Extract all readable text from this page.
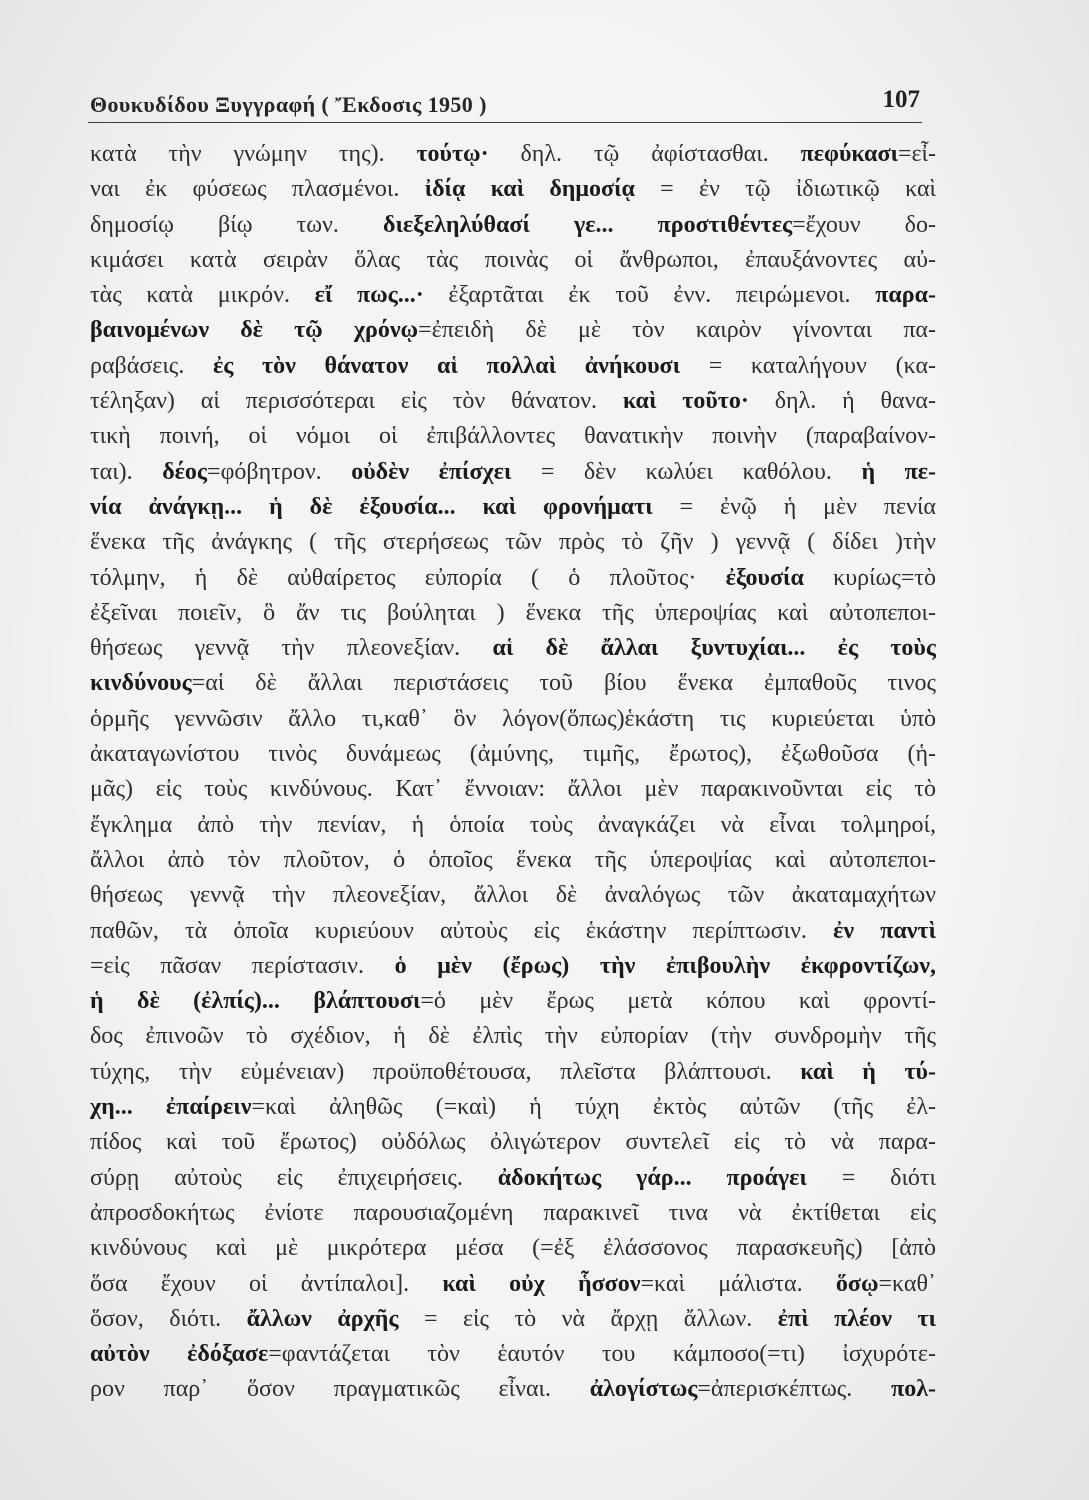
Θουκυδίδου Ξυγγραφή ( Ἔκδοσις 1950 )	107
κατὰ τὴν γνώμην της). τούτῳ· δηλ. τῷ ἀφίστασθαι. πεφύκασι=εἶ-
ναι ἐκ φύσεως πλασμένοι. ἰδίᾳ καὶ δημοσίᾳ = ἐν τῷ ἰδιωτικῷ καὶ
δημοσίῳ βίῳ των. διεξεληλύθασί γε... προστιθέντες=ἔχουν δο-
κιμάσει κατὰ σειρὰν ὅλας τὰς ποινὰς οἱ ἄνθρωποι, ἐπαυξάνοντες αὐ-
τὰς κατὰ μικρόν. εἴ πως...· ἐξαρτᾶται ἐκ τοῦ ἐνν. πειρώμενοι. παρα-
βαινομένων δὲ τῷ χρόνῳ=ἐπειδὴ δὲ μὲ τὸν καιρὸν γίνονται πα-
ραβάσεις. ἐς τὸν θάνατον αἱ πολλαὶ ἀνήκουσι = καταλήγουν (κα-
τέληξαν) αἱ περισσότεραι εἰς τὸν θάνατον. καὶ τοῦτο· δηλ. ἡ θανα-
τικὴ ποινή, οἱ νόμοι οἱ ἐπιβάλλοντες θανατικὴν ποινὴν (παραβαίνον-
ται). δέος=φόβητρον. οὐδὲν ἐπίσχει = δὲν κωλύει καθόλου. ἡ πε-
νία ἀνάγκῃ... ἡ δὲ ἐξουσία... καὶ φρονήματι = ἐνῷ ἡ μὲν πενία
ἕνεκα τῆς ἀνάγκης ( τῆς στερήσεως τῶν πρὸς τὸ ζῆν ) γεννᾷ ( δίδει )τὴν
τόλμην, ἡ δὲ αὐθαίρετος εὐπορία ( ὁ πλοῦτος· ἐξουσία κυρίως=τὸ
ἐξεῖναι ποιεῖν, ὃ ἄν τις βούληται ) ἕνεκα τῆς ὑπεροψίας καὶ αὐτοπεποι-
θήσεως γεννᾷ τὴν πλεονεξίαν. αἱ δὲ ἄλλαι ξυντυχίαι... ἐς τοὺς
κινδύνους=αἱ δὲ ἄλλαι περιστάσεις τοῦ βίου ἕνεκα ἐμπαθοῦς τινος
ὁρμῆς γεννῶσιν ἄλλο τι,καθ᾿ ὃν λόγον(ὅπως)ἑκάστη τις κυριεύεται ὑπὸ
ἀκαταγωνίστου τινὸς δυνάμεως (ἀμύνης, τιμῆς, ἔρωτος), ἐξωθοῦσα (ἡ-
μᾶς) εἰς τοὺς κινδύνους. Κατ᾿ ἔννοιαν: ἄλλοι μὲν παρακινοῦνται εἰς τὸ
ἔγκλημα ἀπὸ τὴν πενίαν, ἡ ὁποία τοὺς ἀναγκάζει νὰ εἶναι τολμηροί,
ἄλλοι ἀπὸ τὸν πλοῦτον, ὁ ὁποῖος ἕνεκα τῆς ὑπεροψίας καὶ αὐτοπεποι-
θήσεως γεννᾷ τὴν πλεονεξίαν, ἄλλοι δὲ ἀναλόγως τῶν ἀκαταμαχήτων
παθῶν, τὰ ὁποῖα κυριεύουν αὐτοὺς εἰς ἑκάστην περίπτωσιν. ἐν παντὶ
=εἰς πᾶσαν περίστασιν. ὁ μὲν (ἔρως) τὴν ἐπιβουλὴν ἐκφροντίζων,
ἡ δὲ (ἐλπίς)... βλάπτουσι=ὁ μὲν ἔρως μετὰ κόπου καὶ φροντί-
δος ἐπινοῶν τὸ σχέδιον, ἡ δὲ ἐλπὶς τὴν εὐπορίαν (τὴν συνδρομὴν τῆς
τύχης, τὴν εὐμένειαν) προϋποθέτουσα, πλεῖστα βλάπτουσι. καὶ ἡ τύ-
χη... ἐπαίρειν=καὶ ἀληθῶς (=καὶ) ἡ τύχη ἐκτὸς αὐτῶν (τῆς ἐλ-
πίδος καὶ τοῦ ἔρωτος) οὐδόλως ὀλιγώτερον συντελεῖ εἰς τὸ νὰ παρα-
σύρῃ αὐτοὺς εἰς ἐπιχειρήσεις. ἀδοκήτως γάρ... προάγει = διότι
ἀπροσδοκήτως ἐνίοτε παρουσιαζομένη παρακινεῖ τινα νὰ ἐκτίθεται εἰς
κινδύνους καὶ μὲ μικρότερα μέσα (=ἐξ ἐλάσσονος παρασκευῆς) [ἀπὸ
ὅσα ἔχουν οἱ ἀντίπαλοι]. καὶ οὐχ ἧσσον=καὶ μάλιστα. ὅσῳ=καθ᾿
ὅσον, διότι. ἄλλων ἀρχῆς = εἰς τὸ νὰ ἄρχῃ ἄλλων. ἐπὶ πλέον τι
αὐτὸν ἐδόξασε=φαντάζεται τὸν ἑαυτόν του κάμποσο(=τι) ἰσχυρότε-
ρον παρ᾿ ὅσον πραγματικῶς εἶναι. ἀλογίστως=ἀπερισκέπτως. πολ-
